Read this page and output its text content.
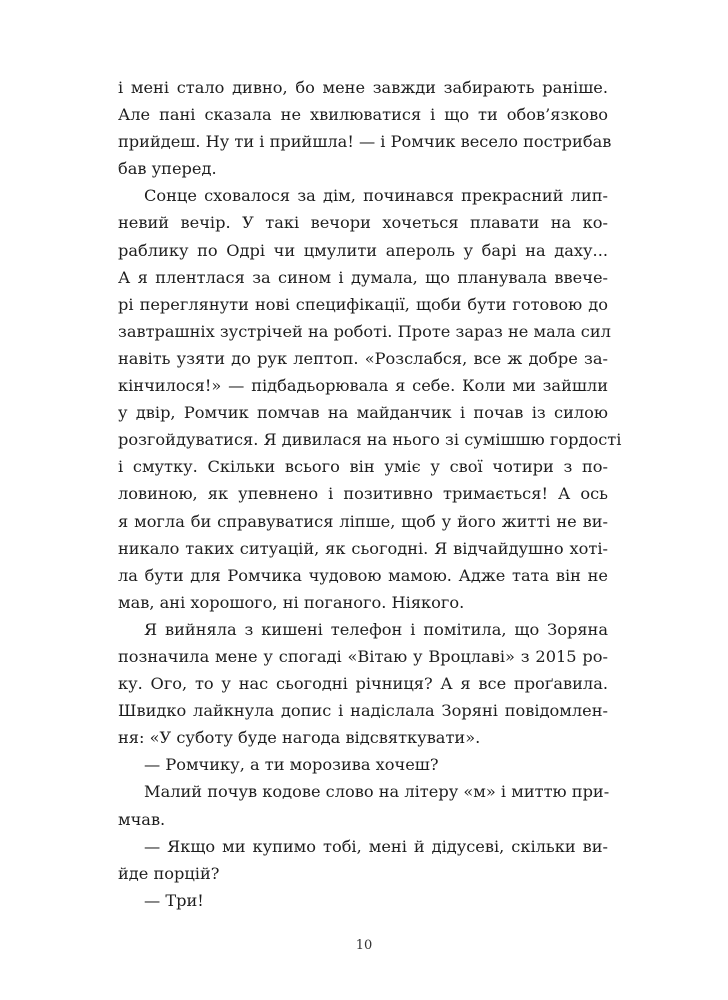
і мені стало дивно, бо мене завжди забирають раніше.
Але пані сказала не хвилюватися і що ти обов’язково
прийдеш. Ну ти і прийшла! — і Ромчик весело пострибав
бав уперед.
Сонце сховалося за дім, починався прекрасний лип-
невий вечір. У такі вечори хочеться плавати на ко-
раблику по Одрі чи цмулити апероль у барі на даху...
А я плентлася за сином і думала, що планувала ввече-
рі переглянути нові специфікації, щоби бути готовою до
завтрашніх зустрічей на роботі. Проте зараз не мала сил
навіть узяти до рук лептоп. «Розслабся, все ж добре за-
кінчилося!» — підбадьорювала я себе. Коли ми зайшли
у двір, Ромчик помчав на майданчик і почав із силою
розгойдуватися. Я дивилася на нього зі сумішшю гордості
і смутку. Скільки всього він уміє у свої чотири з по-
ловиною, як упевнено і позитивно тримається! А ось
я могла би справуватися ліпше, щоб у його житті не ви-
никало таких ситуацій, як сьогодні. Я відчайдушно хоті-
ла бути для Ромчика чудовою мамою. Адже тата він не
мав, ані хорошого, ні поганого. Ніякого.
Я вийняла з кишені телефон і помітила, що Зоряна
позначила мене у спогаді «Вітаю у Вроцлаві» з 2015 ро-
ку. Ого, то у нас сьогодні річниця? А я все проґавила.
Швидко лайкнула допис і надіслала Зоряні повідомлен-
ня: «У суботу буде нагода відсвяткувати».
— Ромчику, а ти морозива хочеш?
Малий почув кодове слово на літеру «м» і миттю при-
мчав.
— Якщо ми купимо тобі, мені й дідусеві, скільки ви-
йде порцій?
— Три!
10
